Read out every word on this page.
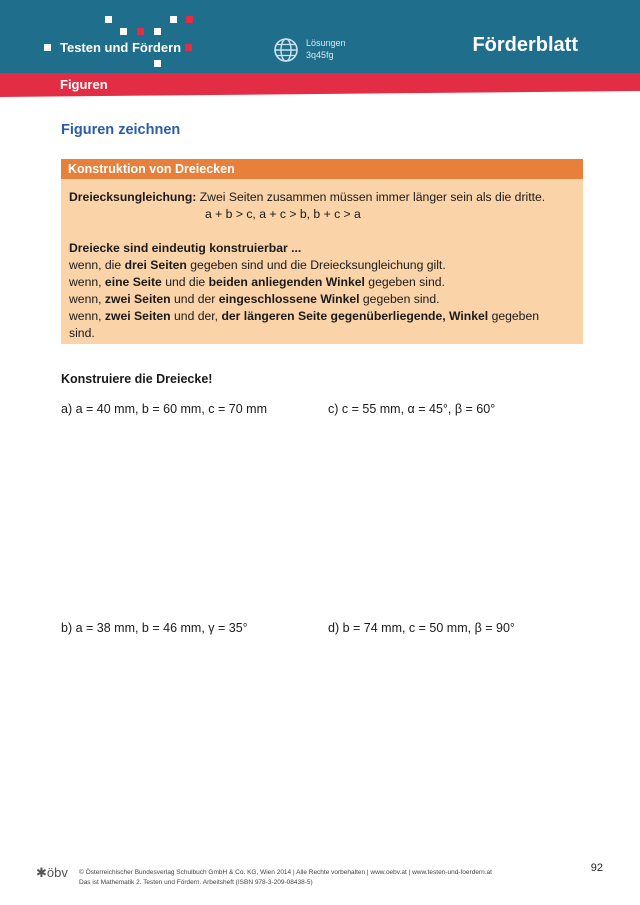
Testen und Fördern	Lösungen
3q45fg	Förderblatt
Figuren
Figuren zeichnen
Konstruktion von Dreiecken
Dreiecksungleichung: Zwei Seiten zusammen müssen immer länger sein als die dritte.
a + b > c, a + c > b, b + c > a
Dreiecke sind eindeutig konstruierbar ...
wenn, die drei Seiten gegeben sind und die Dreiecksungleichung gilt.
wenn, eine Seite und die beiden anliegenden Winkel gegeben sind.
wenn, zwei Seiten und der eingeschlossene Winkel gegeben sind.
wenn, zwei Seiten und der, der längeren Seite gegenüberliegende, Winkel gegeben
sind.
Konstruiere die Dreiecke!
a) a = 40 mm, b = 60 mm, c = 70 mm	c) c = 55 mm, α = 45°, β = 60°
b) a = 38 mm, b = 46 mm, γ = 35°	d) b = 74 mm, c = 50 mm, β = 90°
✱öbv © Österreichischer Bundesverlag Schulbuch GmbH & Co. KG, Wien 2014 | Alle Rechte vorbehalten | www.oebv.at | www.testen-und-foerdern.at
Das ist Mathematik 2. Testen und Fördern. Arbeitsheft (ISBN 978-3-209-08438-5)
92
